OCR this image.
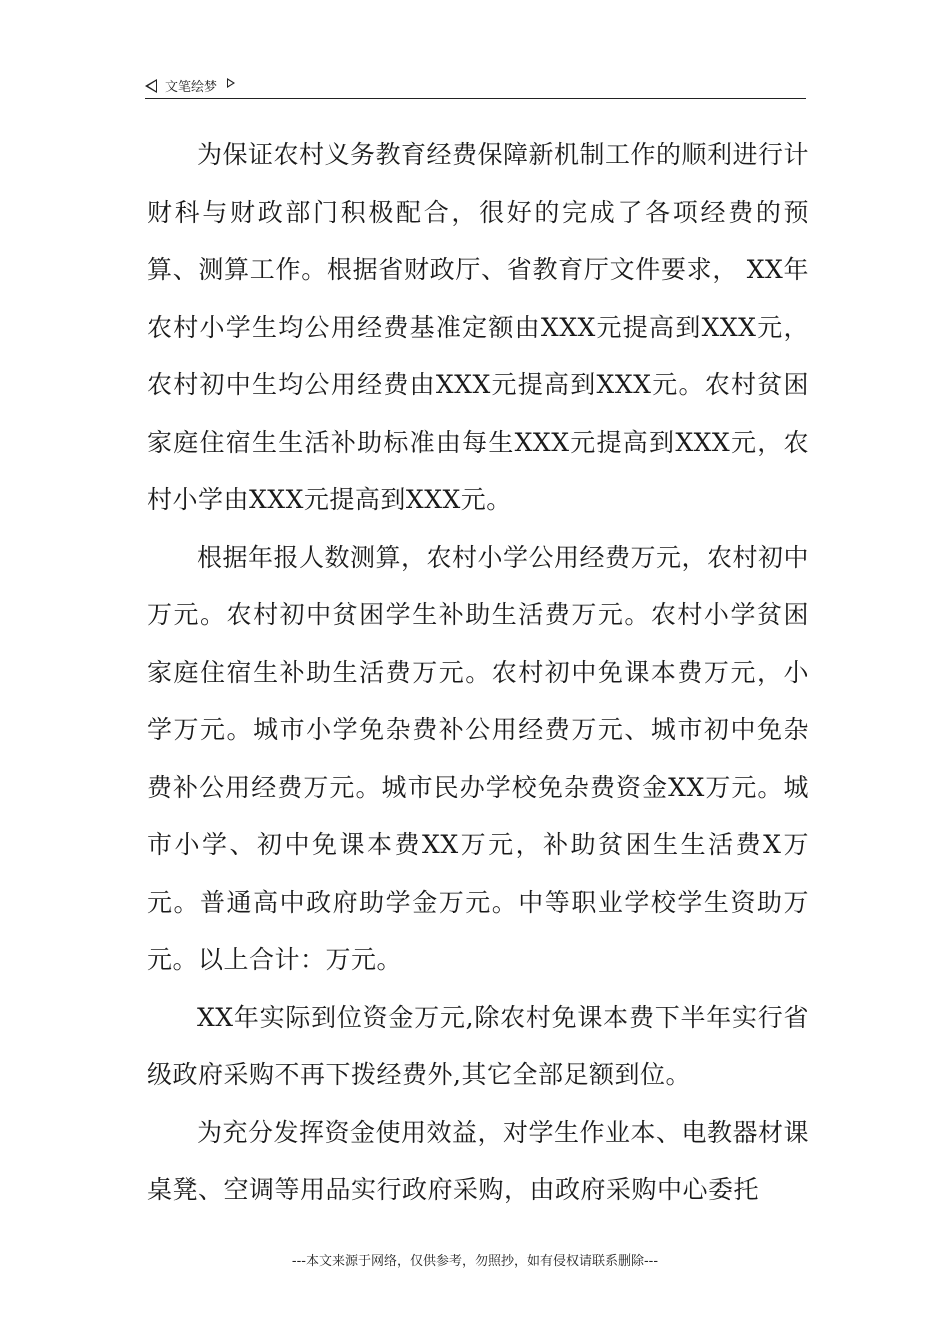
文笔绘梦

为保证农村义务教育经费保障新机制工作的顺利进行计财科与财政部门积极配合，很好的完成了各项经费的预算、测算工作。根据省财政厅、省教育厅文件要求， XX年农村小学生均公用经费基准定额由XXX元提高到XXX元，农村初中生均公用经费由XXX元提高到XXX元。农村贫困家庭住宿生生活补助标准由每生XXX元提高到XXX元，农村小学由XXX元提高到XXX元。

根据年报人数测算，农村小学公用经费万元，农村初中万元。农村初中贫困学生补助生活费万元。农村小学贫困家庭住宿生补助生活费万元。农村初中免课本费万元，小学万元。城市小学免杂费补公用经费万元、城市初中免杂费补公用经费万元。城市民办学校免杂费资金XX万元。城市小学、初中免课本费XX万元，补助贫困生生活费X万元。普通高中政府助学金万元。中等职业学校学生资助万元。以上合计：万元。

XX年实际到位资金万元,除农村免课本费下半年实行省级政府采购不再下拨经费外,其它全部足额到位。

为充分发挥资金使用效益，对学生作业本、电教器材课桌凳、空调等用品实行政府采购，由政府采购中心委托

---本文来源于网络，仅供参考，勿照抄，如有侵权请联系删除---
